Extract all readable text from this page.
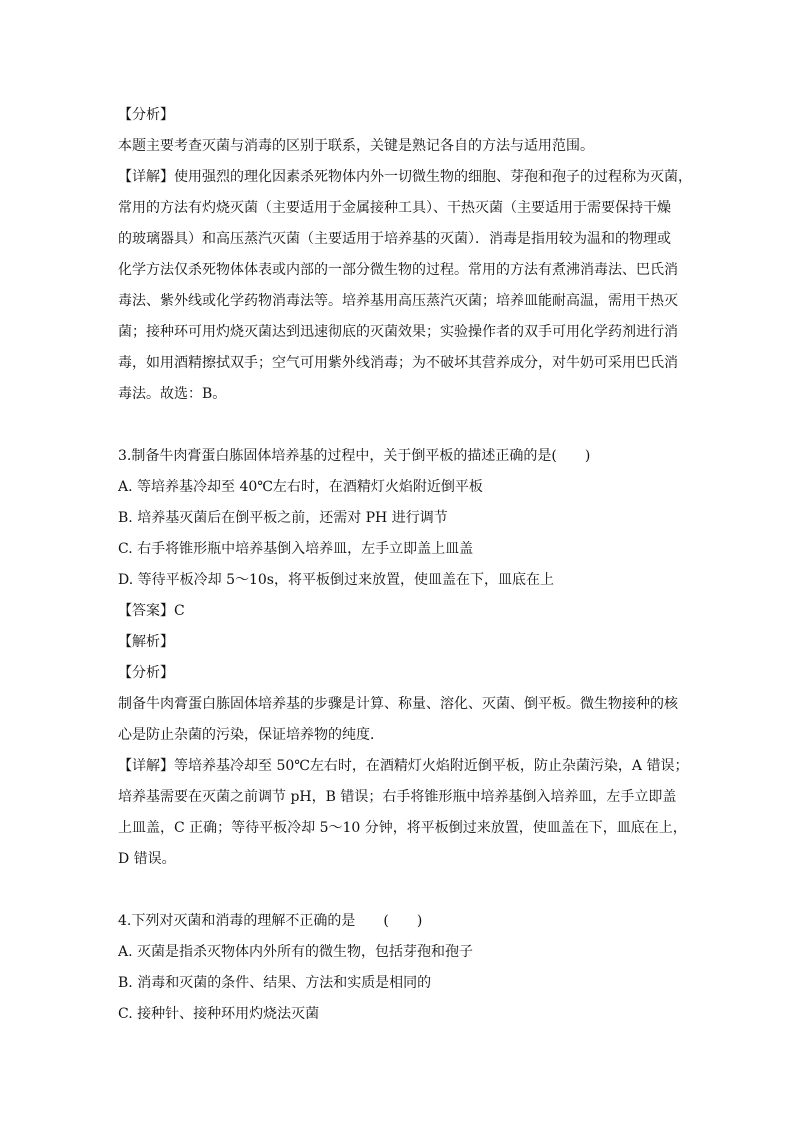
【分析】
本题主要考查灭菌与消毒的区别于联系，关键是熟记各自的方法与适用范围。
【详解】使用强烈的理化因素杀死物体内外一切微生物的细胞、芽孢和孢子的过程称为灭菌，
常用的方法有灼烧灭菌（主要适用于金属接种工具）、干热灭菌（主要适用于需要保持干燥
的玻璃器具）和高压蒸汽灭菌（主要适用于培养基的灭菌）．消毒是指用较为温和的物理或
化学方法仅杀死物体体表或内部的一部分微生物的过程。常用的方法有煮沸消毒法、巴氏消
毒法、紫外线或化学药物消毒法等。培养基用高压蒸汽灭菌；培养皿能耐高温，需用干热灭
菌；接种环可用灼烧灭菌达到迅速彻底的灭菌效果；实验操作者的双手可用化学药剂进行消
毒，如用酒精擦拭双手；空气可用紫外线消毒；为不破坏其营养成分，对牛奶可采用巴氏消
毒法。故选：B。
3.制备牛肉膏蛋白胨固体培养基的过程中，关于倒平板的描述正确的是(　　)
A. 等培养基冷却至 40℃左右时，在酒精灯火焰附近倒平板
B. 培养基灭菌后在倒平板之前，还需对 PH 进行调节
C. 右手将锥形瓶中培养基倒入培养皿，左手立即盖上皿盖
D. 等待平板冷却 5～10s，将平板倒过来放置，使皿盖在下，皿底在上
【答案】C
【解析】
【分析】
制备牛肉膏蛋白胨固体培养基的步骤是计算、称量、溶化、灭菌、倒平板。微生物接种的核
心是防止杂菌的污染，保证培养物的纯度．
【详解】等培养基冷却至 50℃左右时，在酒精灯火焰附近倒平板，防止杂菌污染，A 错误；
培养基需要在灭菌之前调节 pH，B 错误；右手将锥形瓶中培养基倒入培养皿，左手立即盖
上皿盖，C 正确；等待平板冷却 5～10 分钟，将平板倒过来放置，使皿盖在下，皿底在上，
D 错误。
4.下列对灭菌和消毒的理解不正确的是　　(　　)
A. 灭菌是指杀灭物体内外所有的微生物，包括芽孢和孢子
B. 消毒和灭菌的条件、结果、方法和实质是相同的
C. 接种针、接种环用灼烧法灭菌
